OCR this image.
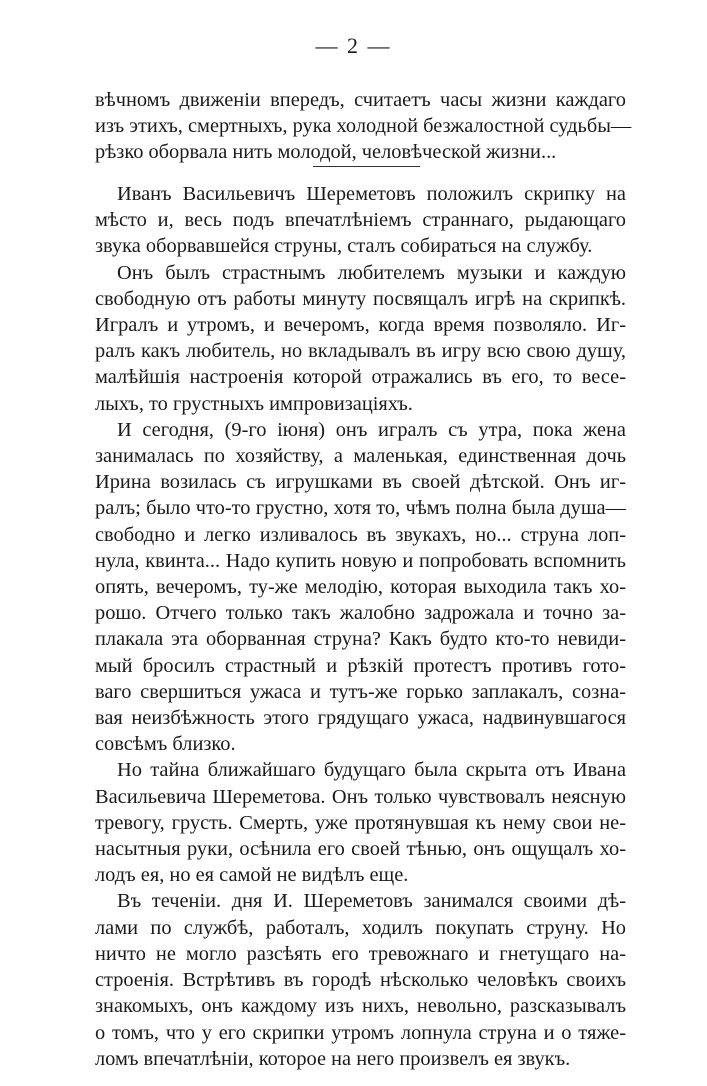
— 2 —
вѣчномъ движеніи впередъ, считаетъ часы жизни каждаго
изъ этихъ, смертныхъ, рука холодной безжалостной судьбы—
рѣзко оборвала нить молодой, человѣческой жизни...
Иванъ Васильевичъ Шереметовъ положилъ скрипку на
мѣсто и, весь подъ впечатлѣніемъ страннаго, рыдающаго
звука оборвавшейся струны, сталъ собираться на службу.
Онъ былъ страстнымъ любителемъ музыки и каждую
свободную отъ работы минуту посвящалъ игрѣ на скрипкѣ.
Игралъ и утромъ, и вечеромъ, когда время позволяло. Иг-
ралъ какъ любитель, но вкладывалъ въ игру всю свою душу,
малѣйшія настроенія которой отражались въ его, то весе-
лыхъ, то грустныхъ импровизаціяхъ.
И сегодня, (9-го іюня) онъ игралъ съ утра, пока жена
занималась по хозяйству, а маленькая, единственная дочь
Ирина возилась съ игрушками въ своей дѣтской. Онъ иг-
ралъ; было что-то грустно, хотя то, чѣмъ полна была душа—
свободно и легко изливалось въ звукахъ, но... струна лоп-
нула, квинта... Надо купить новую и попробовать вспомнить
опять, вечеромъ, ту-же мелодію, которая выходила такъ хо-
рошо. Отчего только такъ жалобно задрожала и точно за-
плакала эта оборванная струна? Какъ будто кто-то невиди-
мый бросилъ страстный и рѣзкій протестъ противъ гото-
ваго свершиться ужаса и тутъ-же горько заплакалъ, созна-
вая неизбѣжность этого грядущаго ужаса, надвинувшагося
совсѣмъ близко.
Но тайна ближайшаго будущаго была скрыта отъ Ивана
Васильевича Шереметова. Онъ только чувствовалъ неясную
тревогу, грусть. Смерть, уже протянувшая къ нему свои не-
насытныя руки, осѣнила его своей тѣнью, онъ ощущалъ хо-
лодъ ея, но ея самой не видѣлъ еще.
Въ теченіи. дня И. Шереметовъ занимался своими дѣ-
лами по службѣ, работалъ, ходилъ покупать струну. Но
ничто не могло разсѣять его тревожнаго и гнетущаго на-
строенія. Встрѣтивъ въ городѣ нѣсколько человѣкъ своихъ
знакомыхъ, онъ каждому изъ нихъ, невольно, разсказывалъ
о томъ, что у его скрипки утромъ лопнула струна и о тяже-
ломъ впечатлѣніи, которое на него произвелъ ея звукъ.
